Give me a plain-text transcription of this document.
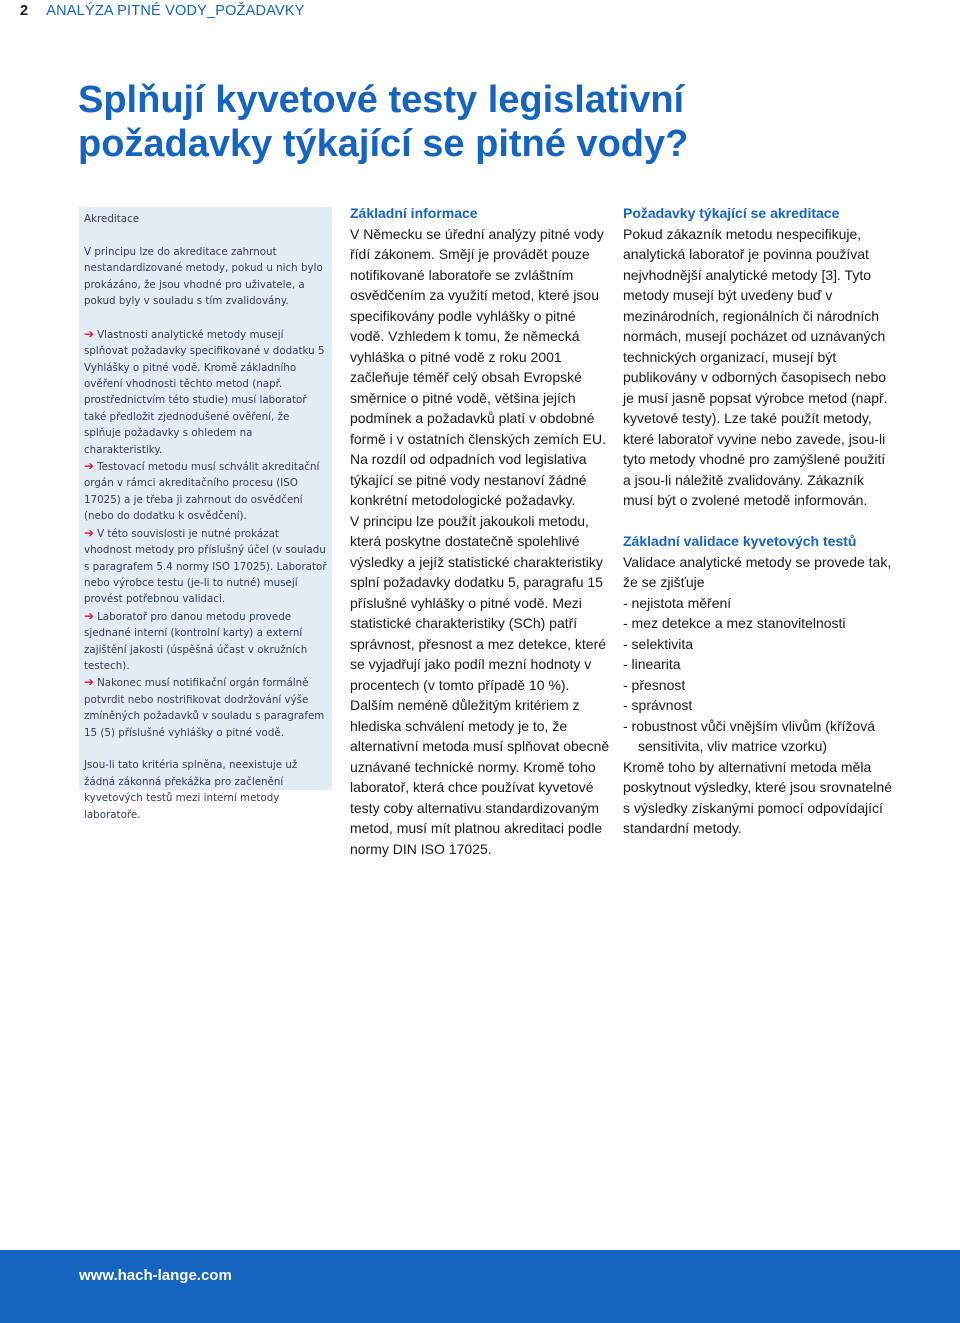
2 ANALÝZA PITNÉ VODY_POŽADAVKY
Splňují kyvetové testy legislativní
požadavky týkající se pitné vody?

Akreditace

V principu lze do akreditace zahrnout nestandardizované metody, pokud u nich bylo prokázáno, že jsou vhodné pro uživatele, a pokud byly v souladu s tím zvalidovány.

➔ Vlastnosti analytické metody musejí splňovat požadavky specifikované v dodatku 5 Vyhlášky o pitné vodě. Kromě základního ověření vhodnosti těchto metod (např. prostřednictvím této studie) musí laboratoř také předložit zjednodušené ověření, že splňuje požadavky s ohledem na charakteristiky.

➔ Testovací metodu musí schválit akreditační orgán v rámci akreditačního procesu (ISO 17025) a je třeba ji zahrnout do osvědčení (nebo do dodatku k osvědčení).

➔ V této souvislosti je nutné prokázat vhodnost metody pro příslušný účel (v souladu s paragrafem 5.4 normy ISO 17025). Laboratoř nebo výrobce testu (je-li to nutné) musejí provést potřebnou validaci.

➔ Laboratoř pro danou metodu provede sjednané interní (kontrolní karty) a externí zajištění jakosti (úspěšná účast v okružních testech).

➔ Nakonec musí notifikační orgán formálně potvrdit nebo nostrifikovat dodržování výše zmíněných požadavků v souladu s paragrafem 15 (5) příslušné vyhlášky o pitné vodě.

Jsou-li tato kritéria splněna, neexistuje už žádná zákonná překážka pro začlenění kyvetových testů mezi interní metody laboratoře.

Základní informace

V Německu se úřední analýzy pitné vody řídí zákonem. Smějí je provádět pouze notifikované laboratoře se zvláštním osvědčením za využití metod, které jsou specifikovány podle vyhlášky o pitné vodě. Vzhledem k tomu, že německá vyhláška o pitné vodě z roku 2001 začleňuje téměř celý obsah Evropské směrnice o pitné vodě, většina jejích podmínek a požadavků platí v obdobné formě i v ostatních členských zemích EU.

Na rozdíl od odpadních vod legislativa týkající se pitné vody nestanoví žádné konkrétní metodologické požadavky.

V principu lze použít jakoukoli metodu, která poskytne dostatečně spolehlivé výsledky a jejíž statistické charakteristiky splní požadavky dodatku 5, paragrafu 15 příslušné vyhlášky o pitné vodě. Mezi statistické charakteristiky (SCh) patří správnost, přesnost a mez detekce, které se vyjadřují jako podíl mezní hodnoty v procentech (v tomto případě 10 %). Dalším neméně důležitým kritériem z hlediska schválení metody je to, že alternativní metoda musí splňovat obecně uznávané technické normy. Kromě toho laboratoř, která chce používat kyvetové testy coby alternativu standardizovaným metod, musí mít platnou akreditaci podle normy DIN ISO 17025.

Požadavky týkající se akreditace

Pokud zákazník metodu nespecifikuje, analytická laboratoř je povinna používat nejvhodnější analytické metody [3]. Tyto metody musejí být uvedeny buď v mezinárodních, regionálních či národních normách, musejí pocházet od uznávaných technických organizací, musejí být publikovány v odborných časopisech nebo je musí jasně popsat výrobce metod (např. kyvetové testy). Lze také použít metody, které laboratoř vyvine nebo zavede, jsou-li tyto metody vhodné pro zamýšlené použití a jsou-li náležitě zvalidovány. Zákazník musí být o zvolené metodě informován.

Základní validace kyvetových testů

Validace analytické metody se provede tak, že se zjišťuje

- nejistota měření

- mez detekce a mez stanovitelnosti

- selektivita

- linearita

- přesnost

- správnost

- robustnost vůči vnějším vlivům (křížová sensitivita, vliv matrice vzorku)

Kromě toho by alternativní metoda měla poskytnout výsledky, které jsou srovnatelné s výsledky získanými pomocí odpovídající standardní metody.

www.hach-lange.com
